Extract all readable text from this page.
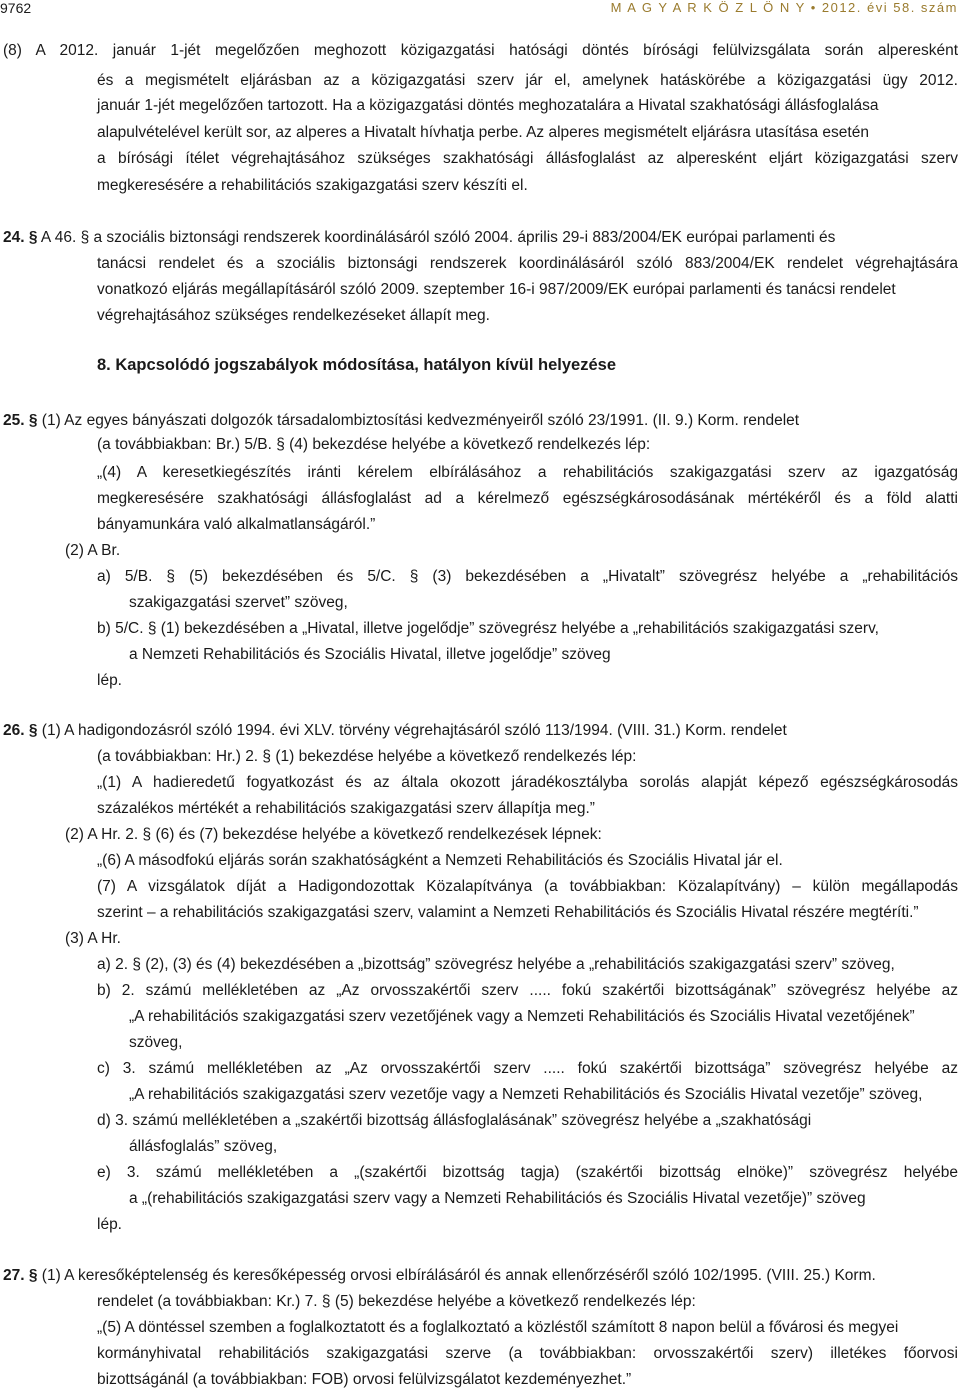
9762	M A G Y A R K Ö Z L Ö N Y • 2012. évi 58. szám
(8) A 2012. január 1-jét megelőzően meghozott közigazgatási hatósági döntés bírósági felülvizsgálata során alperesként
és a megismételt eljárásban az a közigazgatási szerv jár el, amelynek hatáskörébe a közigazgatási ügy 2012.
január 1-jét megelőzően tartozott. Ha a közigazgatási döntés meghozatalára a Hivatal szakhatósági állásfoglalása
alapulvételével került sor, az alperes a Hivatalt hívhatja perbe. Az alperes megismételt eljárásra utasítása esetén
a bírósági ítélet végrehajtásához szükséges szakhatósági állásfoglalást az alperesként eljárt közigazgatási szerv
megkeresésére a rehabilitációs szakigazgatási szerv készíti el.
24. § A 46. § a szociális biztonsági rendszerek koordinálásáról szóló 2004. április 29-i 883/2004/EK európai parlamenti és
tanácsi rendelet és a szociális biztonsági rendszerek koordinálásáról szóló 883/2004/EK rendelet végrehajtására
vonatkozó eljárás megállapításáról szóló 2009. szeptember 16-i 987/2009/EK európai parlamenti és tanácsi rendelet
végrehajtásához szükséges rendelkezéseket állapít meg.
25. § (1) Az egyes bányászati dolgozók társadalombiztosítási kedvezményeiről szóló 23/1991. (II. 9.) Korm. rendelet
(a továbbiakban: Br.) 5/B. § (4) bekezdése helyébe a következő rendelkezés lép:
„(4) A keresetkiegészítés iránti kérelem elbírálásához a rehabilitációs szakigazgatási szerv az igazgatóság
megkeresésére szakhatósági állásfoglalást ad a kérelmező egészségkárosodásának mértékéről és a föld alatti
bányamunkára való alkalmatlanságáról.”
(2) A Br.
a) 5/B. § (5) bekezdésében és 5/C. § (3) bekezdésében a „Hivatalt” szövegrész helyébe a „rehabilitációs
szakigazgatási szervet” szöveg,
b) 5/C. § (1) bekezdésében a „Hivatal, illetve jogelődje” szövegrész helyébe a „rehabilitációs szakigazgatási szerv,
a Nemzeti Rehabilitációs és Szociális Hivatal, illetve jogelődje” szöveg
lép.
26. § (1) A hadigondozásról szóló 1994. évi XLV. törvény végrehajtásáról szóló 113/1994. (VIII. 31.) Korm. rendelet
(a továbbiakban: Hr.) 2. § (1) bekezdése helyébe a következő rendelkezés lép:
„(1) A hadieredetű fogyatkozást és az általa okozott járadékosztályba sorolás alapját képező egészségkárosodás
százalékos mértékét a rehabilitációs szakigazgatási szerv állapítja meg.”
(2) A Hr. 2. § (6) és (7) bekezdése helyébe a következő rendelkezések lépnek:
„(6) A másodfokú eljárás során szakhatóságként a Nemzeti Rehabilitációs és Szociális Hivatal jár el.
(7) A vizsgálatok díját a Hadigondozottak Közalapítványa (a továbbiakban: Közalapítvány) – külön megállapodás
szerint – a rehabilitációs szakigazgatási szerv, valamint a Nemzeti Rehabilitációs és Szociális Hivatal részére megtéríti.”
(3) A Hr.
a) 2. § (2), (3) és (4) bekezdésében a „bizottság” szövegrész helyébe a „rehabilitációs szakigazgatási szerv” szöveg,
b) 2. számú mellékletében az „Az orvosszakértői szerv ..... fokú szakértői bizottságának” szövegrész helyébe az
„A rehabilitációs szakigazgatási szerv vezetőjének vagy a Nemzeti Rehabilitációs és Szociális Hivatal vezetőjének”
szöveg,
c) 3. számú mellékletében az „Az orvosszakértői szerv ..... fokú szakértői bizottsága” szövegrész helyébe az
„A rehabilitációs szakigazgatási szerv vezetője vagy a Nemzeti Rehabilitációs és Szociális Hivatal vezetője” szöveg,
d) 3. számú mellékletében a „szakértői bizottság állásfoglalásának” szövegrész helyébe a „szakhatósági
állásfoglalás” szöveg,
e) 3. számú mellékletében a „(szakértői bizottság tagja) (szakértői bizottság elnöke)” szövegrész helyébe
a „(rehabilitációs szakigazgatási szerv vagy a Nemzeti Rehabilitációs és Szociális Hivatal vezetője)” szöveg
lép.
27. § (1) A keresőképtelenség és keresőképesség orvosi elbírálásáról és annak ellenőrzéséről szóló 102/1995. (VIII. 25.) Korm.
rendelet (a továbbiakban: Kr.) 7. § (5) bekezdése helyébe a következő rendelkezés lép:
„(5) A döntéssel szemben a foglalkoztatott és a foglalkoztató a közléstől számított 8 napon belül a fővárosi és megyei
kormányhivatal rehabilitációs szakigazgatási szerve (a továbbiakban: orvosszakértői szerv) illetékes főorvosi
bizottságánál (a továbbiakban: FOB) orvosi felülvizsgálatot kezdeményezhet.”
8. Kapcsolódó jogszabályok módosítása, hatályon kívül helyezése
